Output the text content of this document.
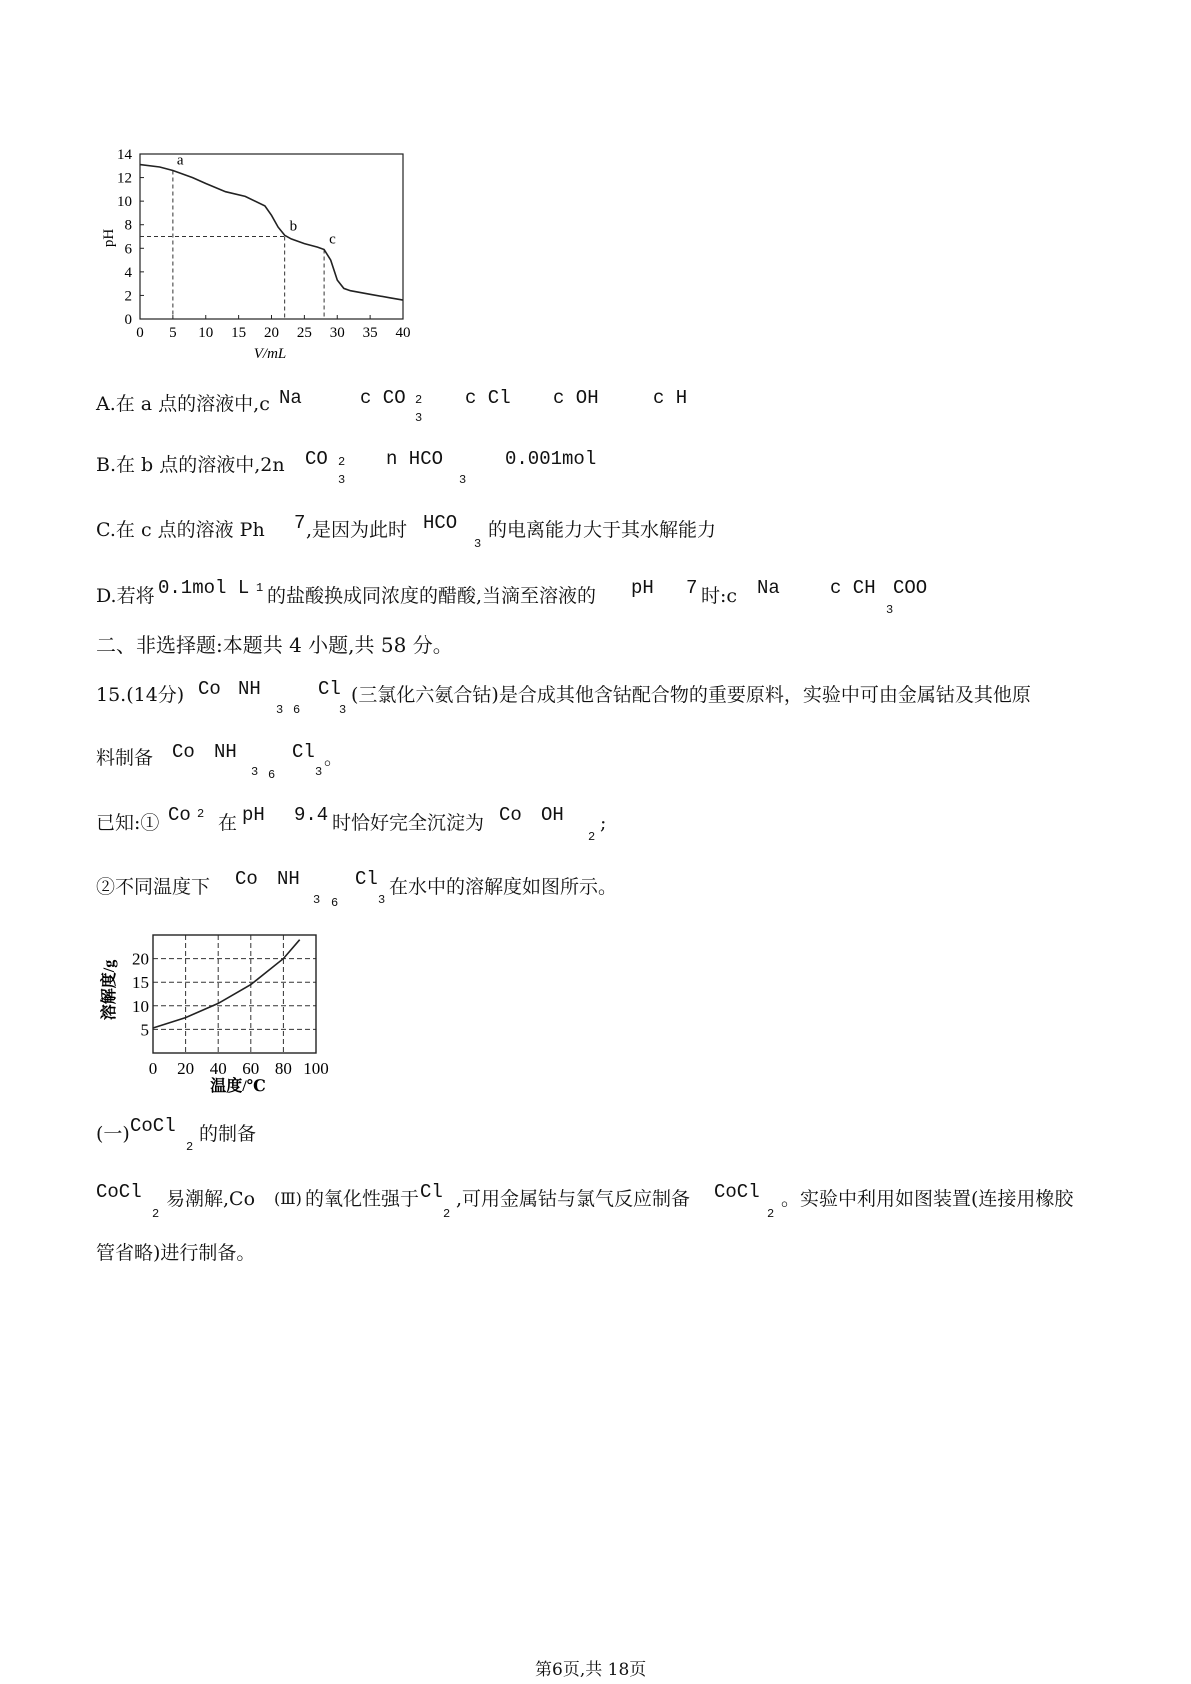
0
2
4
6
8
10
12
14
0 5 10 15 20 25 30 35 40
a
b
c
pH
V/mL
A.在 a 点的溶液中,c Na	c CO 2
3
c Cl c OH	c H
B.在 b 点的溶液中,2n CO 2
3
n HCO
3
0.001mol
C.在 c 点的溶液 Ph 7 ,是因为此时 HCO
3
的电离能力大于其水解能力
D.若将 0.1mol L 1 的盐酸换成同浓度的醋酸,当滴至溶液的 pH 7 时:c Na	c CH
3
COO
二、非选择题:本题共 4 小题,共 58 分。
15.(14分) Co NH
3 6
Cl
3
(三氯化六氨合钴)是合成其他含钴配合物的重要原料，实验中可由金属钴及其他原
料制备 Co NH
3 6
Cl
3
。
已知:① Co 2 在 pH 9.4 时恰好完全沉淀为 Co OH
2
;
②不同温度下 Co NH
3 6
Cl
3
在水中的溶解度如图所示。
5
10
15
20
0 20 40 60 80 100
溶解度/g
温度/℃
(一) CoCl
2
的制备
CoCl
2
易潮解,Co (Ⅲ) 的氧化性强于 Cl
2
,可用金属钴与氯气反应制备 CoCl
2
。实验中利用如图装置(连接用橡胶
管省略)进行制备。
第6页,共 18页
